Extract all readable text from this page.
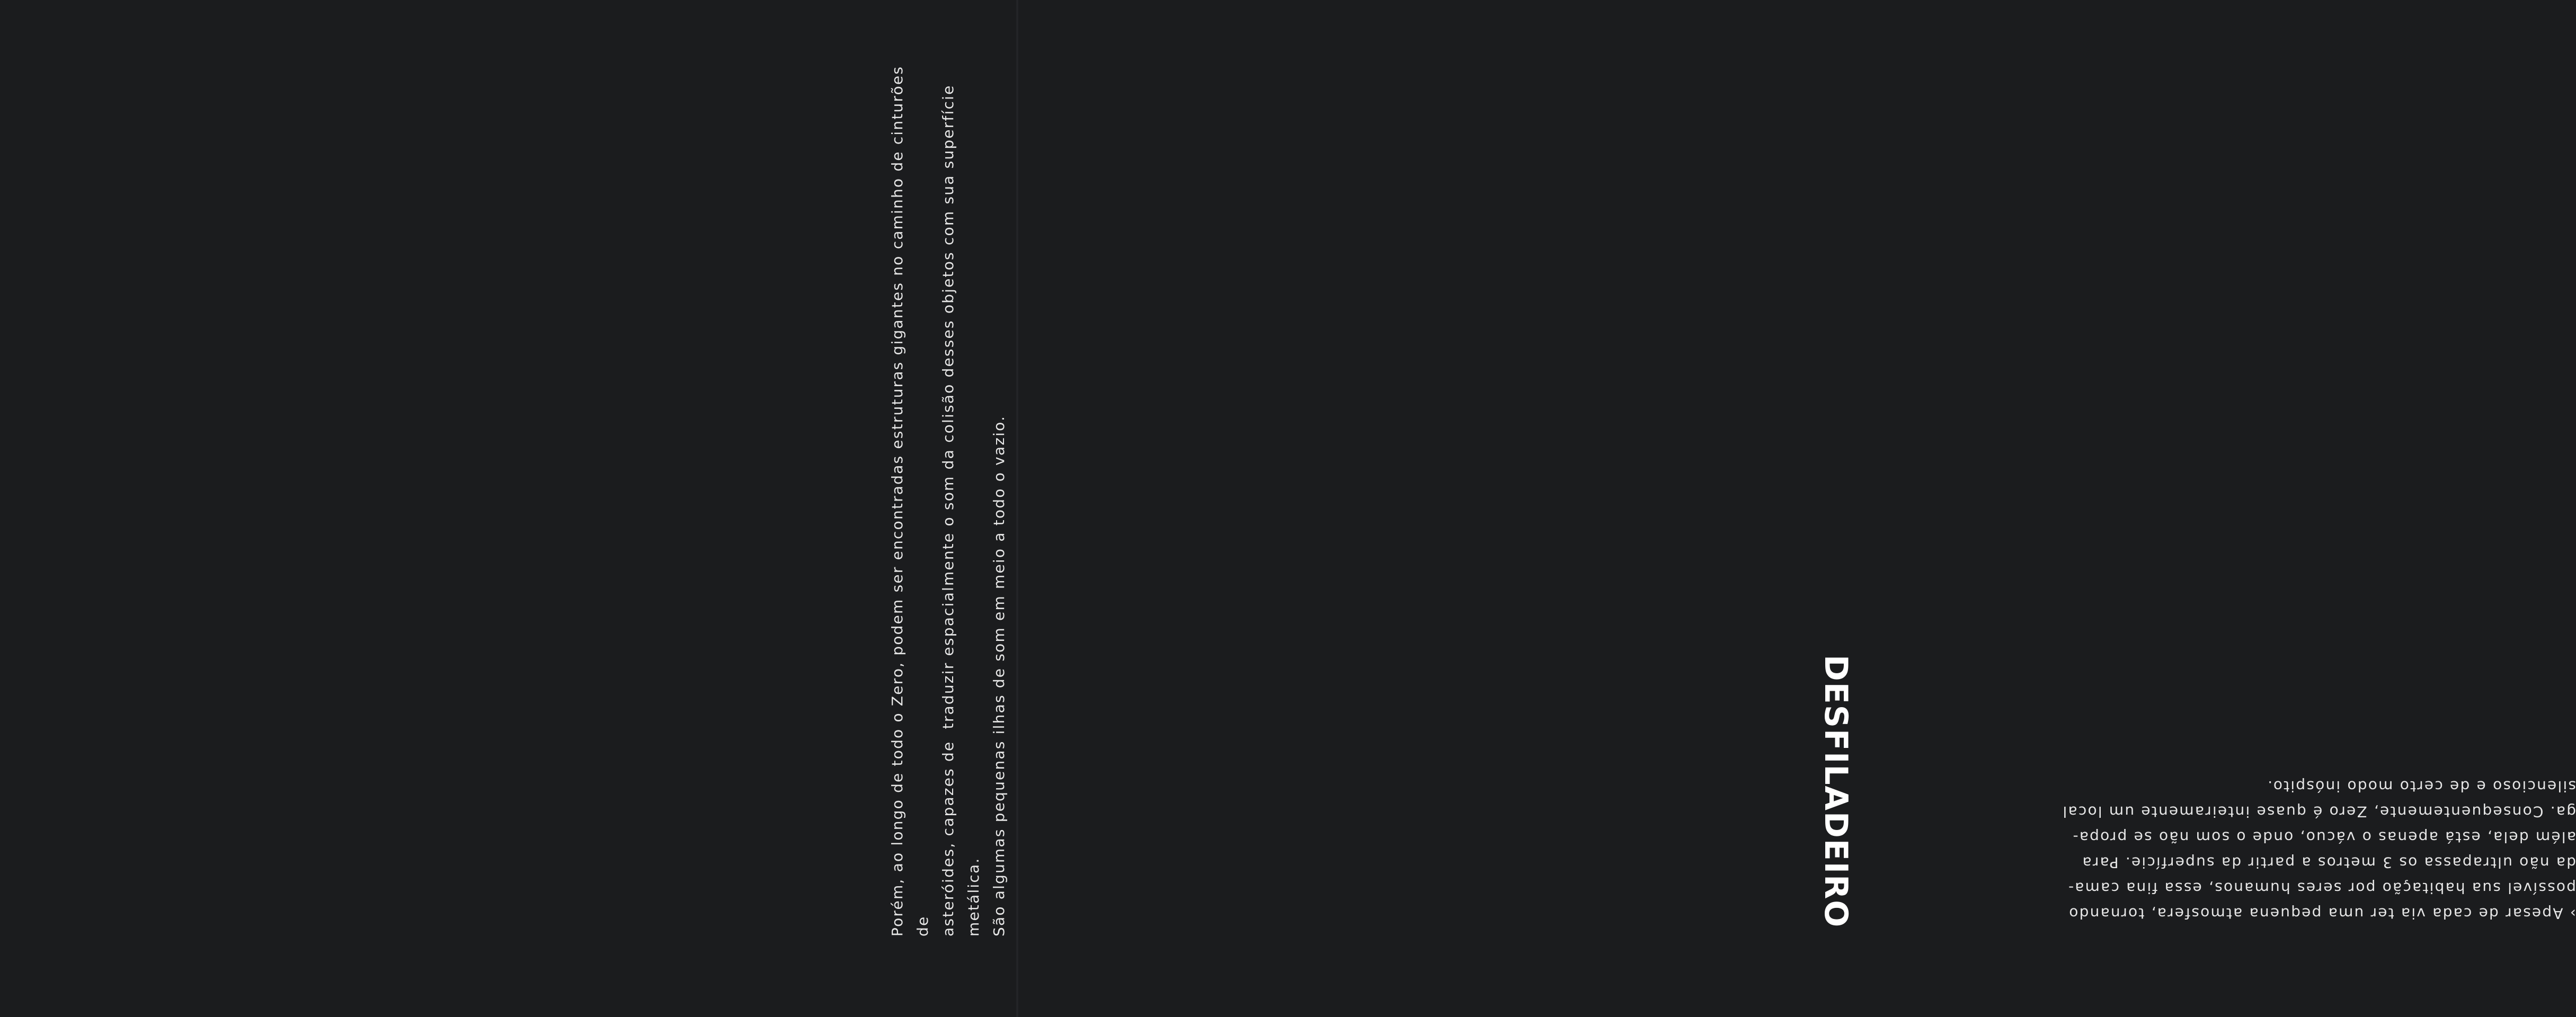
Porém, ao longo de todo o Zero, podem ser encontradas estruturas gigantes no caminho de cinturões de asteróides, capazes de  traduzir espacialmente o som da colisão desses objetos com sua superfície metálica. São algumas pequenas ilhas de som em meio a todo o vazio.	› Apesar de cada via ter uma pequena atmosfera, tornando
possível sua habitação por seres humanos, essa fina cama-
da não ultrapassa os 3 metros a partir da superfície. Para
além dela, está apenas o vácuo, onde o som não se propa-
ga. Consequentemente, Zero é quase inteiramente um local
silencioso e de certo modo inóspito.
DESFILADEIRO
